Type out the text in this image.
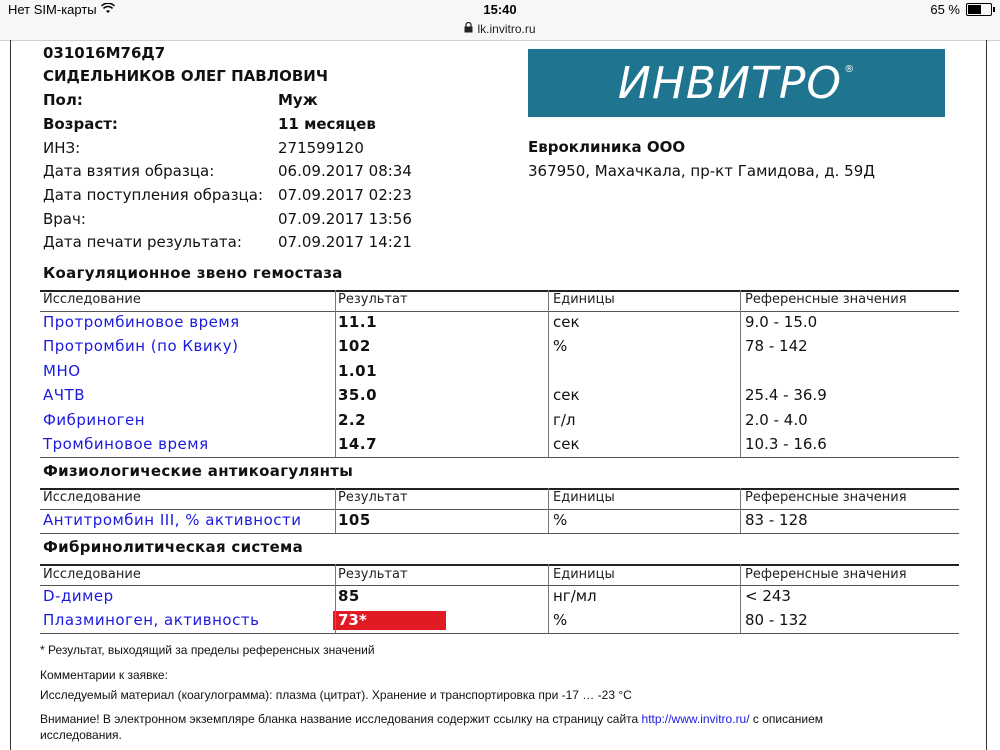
Нет SIM-карты	15:40	65 %
lk.invitro.ru
031016М76Д7
СИДЕЛЬНИКОВ ОЛЕГ ПАВЛОВИЧ
Пол:	Муж
Возраст:	11 месяцев
ИНЗ:	271599120
Дата взятия образца:	06.09.2017 08:34
Дата поступления образца: 07.09.2017 02:23
Врач:	07.09.2017 13:56
Дата печати результата: 07.09.2017 14:21
ИНВИТРО®
Евроклиника ООО
367950, Махачкала, пр-кт Гамидова, д. 59Д
Коагуляционное звено гемостаза
Исследование	Результат	Единицы	Референсные значения
Протромбиновое время	11.1	сек	9.0 - 15.0
Протромбин (по Квику)	102	%	78 - 142
МНО	1.01
АЧТВ	35.0	сек	25.4 - 36.9
Фибриноген	2.2	г/л	2.0 - 4.0
Тромбиновое время	14.7	сек	10.3 - 16.6
Физиологические антикоагулянты
Исследование	Результат	Единицы	Референсные значения
Антитромбин III, % активности 105	%	83 - 128
Фибринолитическая система
Исследование	Результат	Единицы	Референсные значения
D-димер	85	нг/мл	< 243
Плазминоген, активность	73*	%	80 - 132
* Результат, выходящий за пределы референсных значений
Комментарии к заявке:
Исследуемый материал (коагулограмма): плазма (цитрат). Хранение и транспортировка при -17 … -23 °С
Внимание! В электронном экземпляре бланка название исследования содержит ссылку на страницу сайта http://www.invitro.ru/ с описанием
исследования.
